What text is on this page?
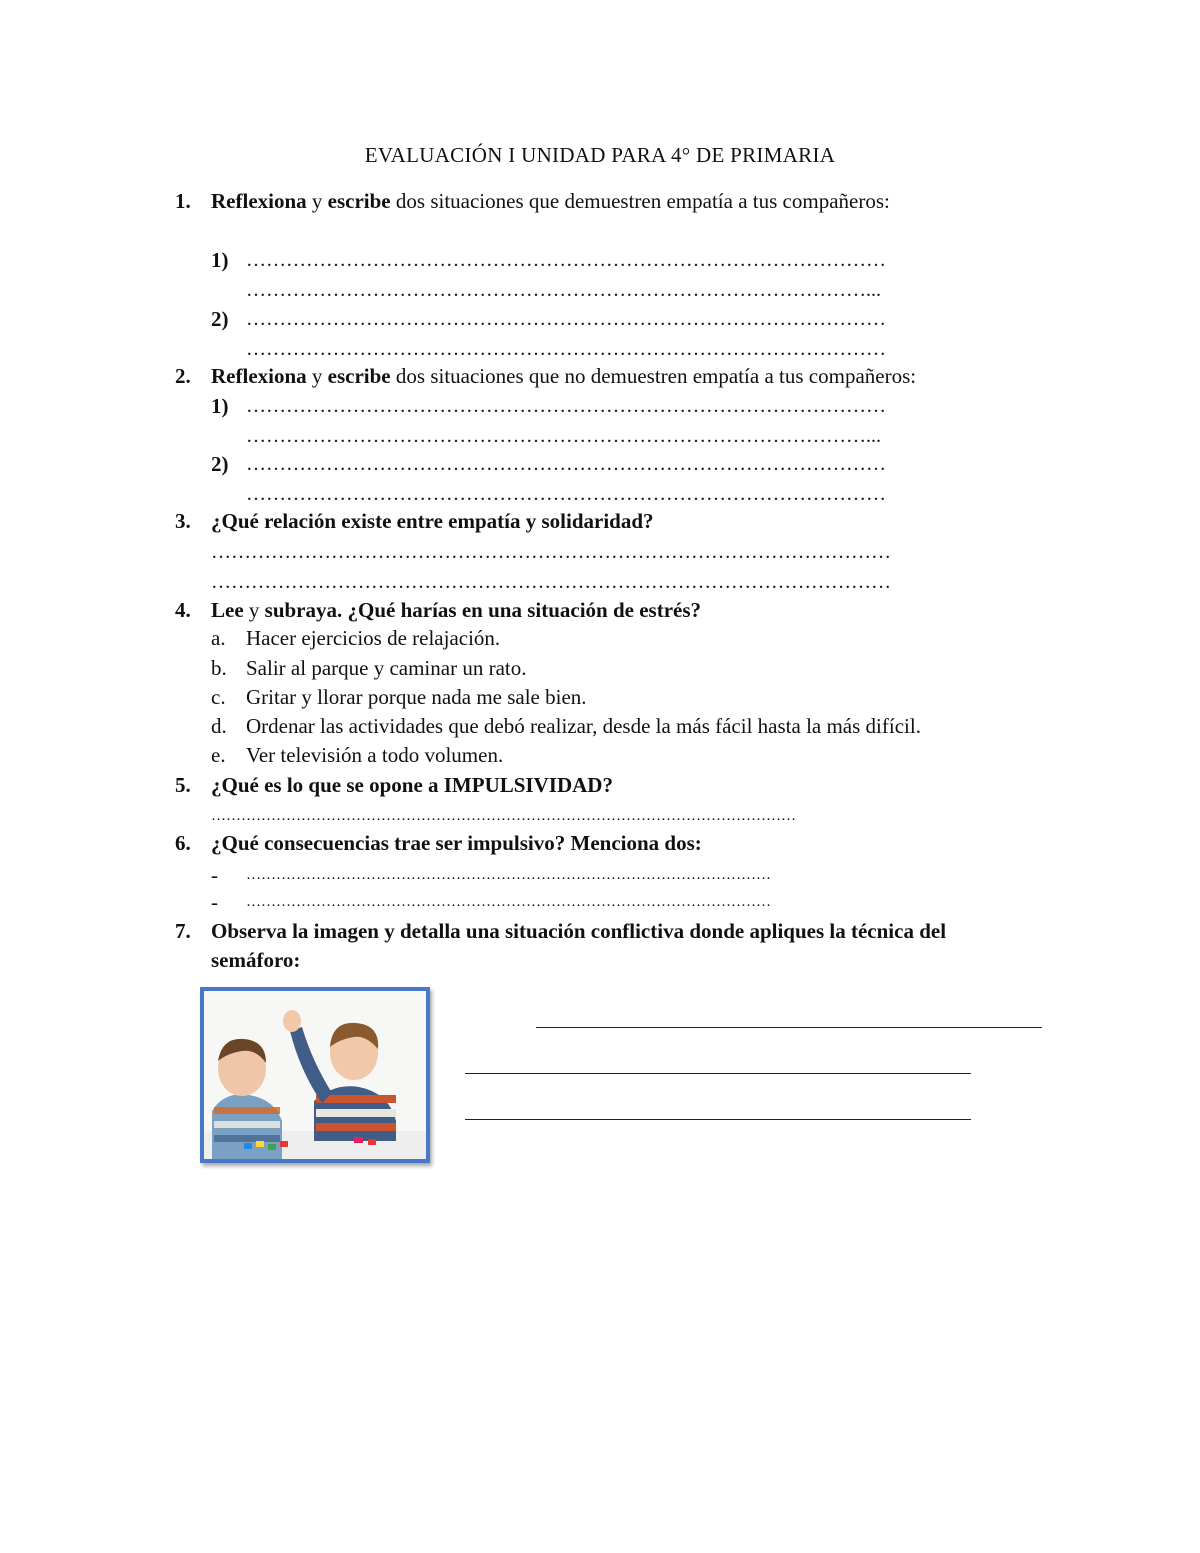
EVALUACIÓN I UNIDAD PARA 4° DE PRIMARIA
1. Reflexiona y escribe dos situaciones que demuestren empatía a tus compañeros:
1) ……………………………………………………………………………………
…………………………………………………………………………………...
2) ……………………………………………………………………………………
……………………………………………………………………………………
2. Reflexiona y escribe dos situaciones que no demuestren empatía a tus compañeros:
1) ……………………………………………………………………………………
…………………………………………………………………………………...
2) ……………………………………………………………………………………
……………………………………………………………………………………
3. ¿Qué relación existe entre empatía y solidaridad?
…………………………………………………………………………………………
…………………………………………………………………………………………
4. Lee y subraya. ¿Qué harías en una situación de estrés?
a. Hacer ejercicios de relajación.
b. Salir al parque y caminar un rato.
c. Gritar y llorar porque nada me sale bien.
d. Ordenar las actividades que debó realizar, desde la más fácil hasta la más difícil.
e. Ver televisión a todo volumen.
5. ¿Qué es lo que se opone a IMPULSIVIDAD?
………………………………………………………………………………………………………
6. ¿Qué consecuencias trae ser impulsivo? Menciona dos:
- ……………………………………………………………………………………………
- ……………………………………………………………………………………………
7. Observa la imagen y detalla una situación conflictiva donde apliques la técnica del
semáforo:
